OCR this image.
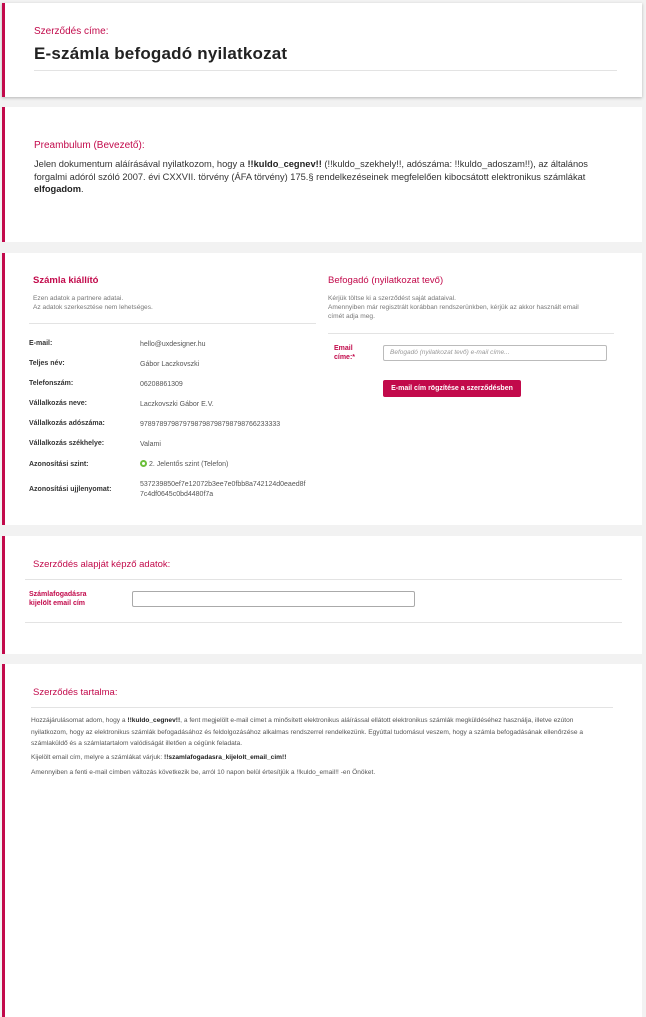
Szerződés címe:
E-számla befogadó nyilatkozat
Preambulum (Bevezető):
Jelen dokumentum aláírásával nyilatkozom, hogy a !!kuldo_cegnev!! (!!kuldo_szekhely!!, adószáma: !!kuldo_adoszam!!), az általános forgalmi adóról szóló 2007. évi CXXVII. törvény (ÁFA törvény) 175.§ rendelkezéseinek megfelelően kibocsátott elektronikus számlákat elfogadom.
Számla kiállító
Ezen adatok a partnere adatai.
Az adatok szerkesztése nem lehetséges.
E-mail:	hello@uxdesigner.hu
Teljes név:	Gábor Laczkovszki
Telefonszám:	06208861309
Vállalkozás neve:	Laczkovszki Gábor E.V.
Vállalkozás adószáma:	978978979879798798798798798766233333
Vállalkozás székhelye:	Valami
Azonosítási szint:	2. Jelentős szint (Telefon)
Azonosítási ujjlenyomat:
537239850ef7e12072b3ee7e0fbb8a742124d0eaed8f
7c4df0645c0bd4480f7a
Befogadó (nyilatkozat tevő)
Kérjük töltse ki a szerződést saját adataival.
Amennyiben már regisztrált korábban rendszerünkben, kérjük az akkor használt email
címét adja meg.
Email
címe:*
Befogadó (nyilatkozat tevő) e-mail címe...
E-mail cím rögzítése a szerződésben
Szerződés alapját képző adatok:
Számlafogadásra
kijelölt email cím
Szerződés tartalma:
Hozzájárulásomat adom, hogy a !!kuldo_cegnev!!, a fent megjelölt e-mail címet a minősített elektronikus aláírással ellátott elektronikus számlák megküldéséhez használja, illetve ezúton nyilatkozom, hogy az elektronikus számlák befogadásához és feldolgozásához alkalmas rendszerrel rendelkezünk. Egyúttal tudomásul veszem, hogy a számla befogadásának ellenőrzése a számlaküldő és a számlatartalom valódiságát illetően a cégünk feladata.
Kijelölt email cím, melyre a számlákat várjuk: !!szamlafogadasra_kijelolt_email_cim!!
Amennyiben a fenti e-mail címben változás következik be, arról 10 napon belül értesítjük a !!kuldo_email!! -en Önöket.
